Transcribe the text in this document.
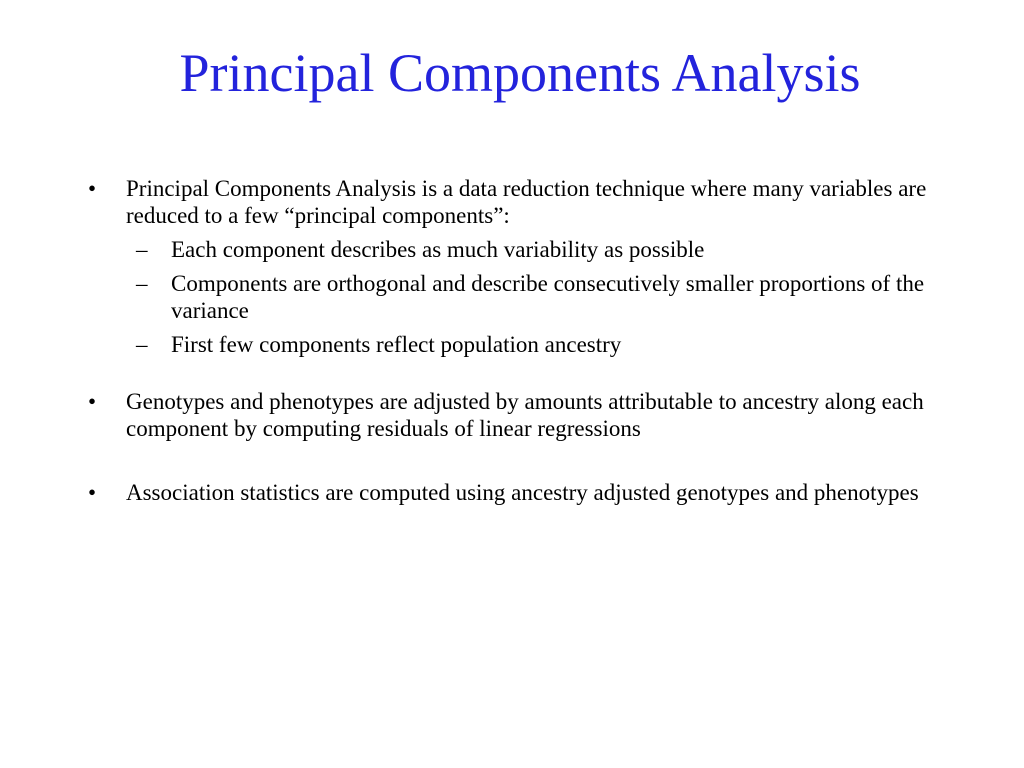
Principal Components Analysis
• Principal Components Analysis is a data reduction technique where many variables are reduced to a few “principal components”:
– Each component describes as much variability as possible
– Components are orthogonal and describe consecutively smaller proportions of the variance
– First few components reflect population ancestry
• Genotypes and phenotypes are adjusted by amounts attributable to ancestry along each component by computing residuals of linear regressions
• Association statistics are computed using ancestry adjusted genotypes and phenotypes
